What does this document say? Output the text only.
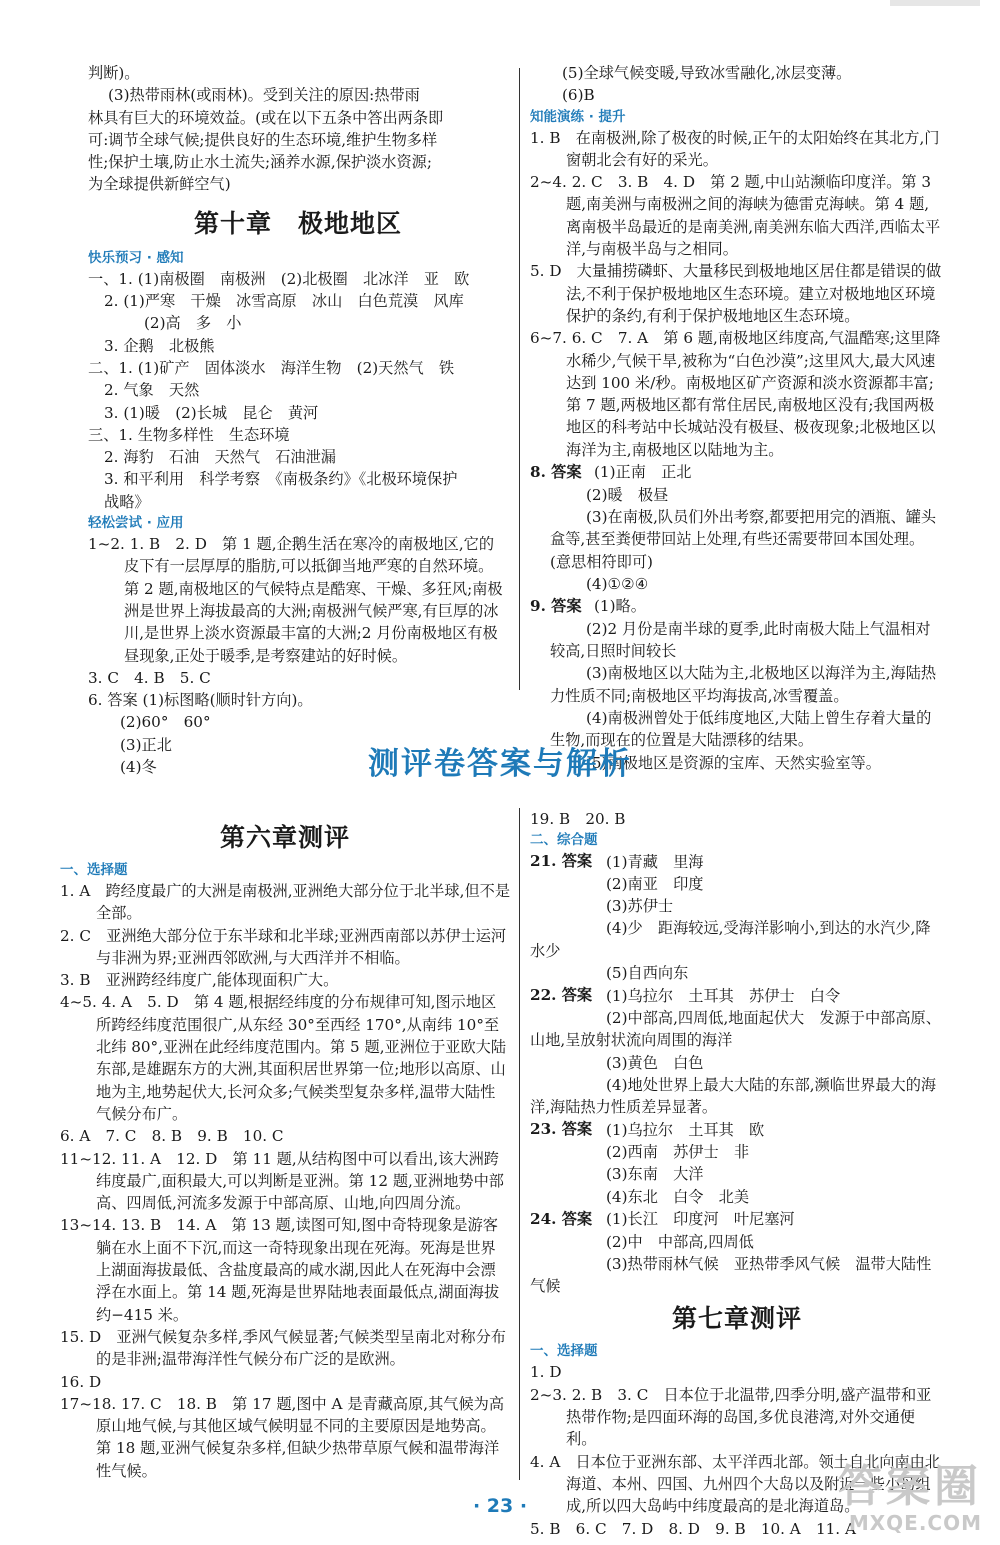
判断)。
(3)热带雨林(或雨林)。受到关注的原因:热带雨
林具有巨大的环境效益。(或在以下五条中答出两条即
可:调节全球气候;提供良好的生态环境,维护生物多样
性;保护土壤,防止水土流失;涵养水源,保护淡水资源;
为全球提供新鲜空气)
第十章　极地地区
快乐预习 · 感知
一、1. (1)南极圈　南极洲　(2)北极圈　北冰洋　亚　欧
2. (1)严寒　干燥　冰雪高原　冰山　白色荒漠　风库
(2)高　多　小
3. 企鹅　北极熊
二、1. (1)矿产　固体淡水　海洋生物　(2)天然气　铁
2. 气象　天然
3. (1)暖　(2)长城　昆仑　黄河
三、1. 生物多样性　生态环境
2. 海豹　石油　天然气　石油泄漏
3. 和平利用　科学考察　《南极条约》《北极环境保护
战略》
轻松尝试 · 应用
1~2. 1. B　2. D　第 1 题,企鹅生活在寒冷的南极地区,它的皮下有一层厚厚的脂肪,可以抵御当地严寒的自然环境。第 2 题,南极地区的气候特点是酷寒、干燥、多狂风;南极洲是世界上海拔最高的大洲;南极洲气候严寒,有巨厚的冰川,是世界上淡水资源最丰富的大洲;2 月份南极地区有极昼现象,正处于暖季,是考察建站的好时候。
3. C　4. B　5. C
6. 答案 (1)标图略(顺时针方向)。
(2)60°　60°
(3)正北
(4)冬
(5)全球气候变暖,导致冰雪融化,冰层变薄。
(6)B
知能演练 · 提升
1. B　在南极洲,除了极夜的时候,正午的太阳始终在其北方,门窗朝北会有好的采光。
2~4. 2. C　3. B　4. D　第 2 题,中山站濒临印度洋。第 3 题,南美洲与南极洲之间的海峡为德雷克海峡。第 4 题,离南极半岛最近的是南美洲,南美洲东临大西洋,西临太平洋,与南极半岛与之相同。
5. D　大量捕捞磷虾、大量移民到极地地区居住都是错误的做法,不利于保护极地地区生态环境。建立对极地地区环境保护的条约,有利于保护极地地区生态环境。
6~7. 6. C　7. A　第 6 题,南极地区纬度高,气温酷寒;这里降水稀少,气候干旱,被称为“白色沙漠”;这里风大,最大风速达到 100 米/秒。南极地区矿产资源和淡水资源都丰富;第 7 题,两极地区都有常住居民,南极地区没有;我国两极地区的科考站中长城站没有极昼、极夜现象;北极地区以海洋为主,南极地区以陆地为主。
8. 答案 (1)正南　正北
(2)暖　极昼
(3)在南极,队员们外出考察,都要把用完的酒瓶、罐头盒等,甚至粪便带回站上处理,有些还需要带回本国处理。(意思相符即可)
(4)①②④
9. 答案 (1)略。
(2)2 月份是南半球的夏季,此时南极大陆上气温相对较高,日照时间较长
(3)南极地区以大陆为主,北极地区以海洋为主,海陆热力性质不同;南极地区平均海拔高,冰雪覆盖。
(4)南极洲曾处于低纬度地区,大陆上曾生存着大量的生物,而现在的位置是大陆漂移的结果。
(5)南极地区是资源的宝库、天然实验室等。
测评卷答案与解析
第六章测评
一、选择题
1. A　跨经度最广的大洲是南极洲,亚洲绝大部分位于北半球,但不是全部。
2. C　亚洲绝大部分位于东半球和北半球;亚洲西南部以苏伊士运河与非洲为界;亚洲西邻欧洲,与大西洋并不相临。
3. B　亚洲跨经纬度广,能体现面积广大。
4~5. 4. A　5. D　第 4 题,根据经纬度的分布规律可知,图示地区所跨经纬度范围很广,从东经 30°至西经 170°,从南纬 10°至北纬 80°,亚洲在此经纬度范围内。第 5 题,亚洲位于亚欧大陆东部,是雄踞东方的大洲,其面积居世界第一位;地形以高原、山地为主,地势起伏大,长河众多;气候类型复杂多样,温带大陆性气候分布广。
6. A　7. C　8. B　9. B　10. C
11~12. 11. A　12. D　第 11 题,从结构图中可以看出,该大洲跨纬度最广,面积最大,可以判断是亚洲。第 12 题,亚洲地势中部高、四周低,河流多发源于中部高原、山地,向四周分流。
13~14. 13. B　14. A　第 13 题,读图可知,图中奇特现象是游客躺在水上面不下沉,而这一奇特现象出现在死海。死海是世界上湖面海拔最低、含盐度最高的咸水湖,因此人在死海中会漂浮在水面上。第 14 题,死海是世界陆地表面最低点,湖面海拔约−415 米。
15. D　亚洲气候复杂多样,季风气候显著;气候类型呈南北对称分布的是非洲;温带海洋性气候分布广泛的是欧洲。
16. D
17~18. 17. C　18. B　第 17 题,图中 A 是青藏高原,其气候为高原山地气候,与其他区域气候明显不同的主要原因是地势高。第 18 题,亚洲气候复杂多样,但缺少热带草原气候和温带海洋性气候。
19. B　20. B
二、综合题
21. 答案 (1)青藏　里海
(2)南亚　印度
(3)苏伊士
(4)少　距海较远,受海洋影响小,到达的水汽少,降水少
(5)自西向东
22. 答案 (1)乌拉尔　土耳其　苏伊士　白令
(2)中部高,四周低,地面起伏大　发源于中部高原、山地,呈放射状流向周围的海洋
(3)黄色　白色
(4)地处世界上最大大陆的东部,濒临世界最大的海洋,海陆热力性质差异显著。
23. 答案 (1)乌拉尔　土耳其　欧
(2)西南　苏伊士　非
(3)东南　大洋
(4)东北　白令　北美
24. 答案 (1)长江　印度河　叶尼塞河
(2)中　中部高,四周低
(3)热带雨林气候　亚热带季风气候　温带大陆性气候
第七章测评
一、选择题
1. D
2~3. 2. B　3. C　日本位于北温带,四季分明,盛产温带和亚热带作物;是四面环海的岛国,多优良港湾,对外交通便利。
4. A　日本位于亚洲东部、太平洋西北部。领土自北向南由北海道、本州、四国、九州四个大岛以及附近一些小岛组成,所以四大岛屿中纬度最高的是北海道岛。
5. B　6. C　7. D　8. D　9. B　10. A　11. A
· 23 ·	答案圈
MXQE.COM
